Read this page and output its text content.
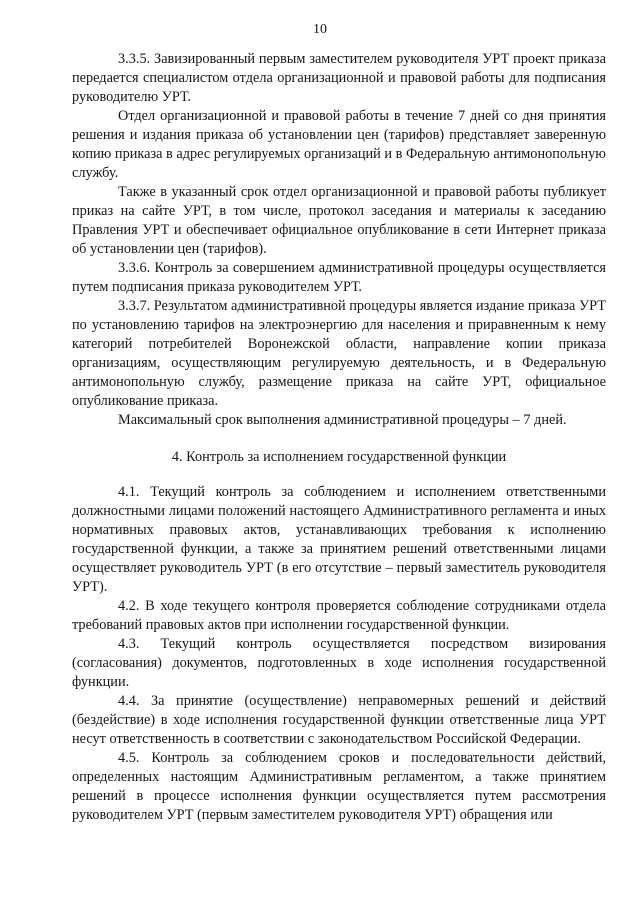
10

3.3.5. Завизированный первым заместителем руководителя УРТ проект приказа передается специалистом отдела организационной и правовой работы для подписания руководителю УРТ.

Отдел организационной и правовой работы в течение 7 дней со дня принятия решения и издания приказа об установлении цен (тарифов) представляет заверенную копию приказа в адрес регулируемых организаций и в Федеральную антимонопольную службу.

Также в указанный срок отдел организационной и правовой работы публикует приказ на сайте УРТ, в том числе, протокол заседания и материалы к заседанию Правления УРТ и обеспечивает официальное опубликование в сети Интернет приказа об установлении цен (тарифов).

3.3.6. Контроль за совершением административной процедуры осуществляется путем подписания приказа руководителем УРТ.

3.3.7. Результатом административной процедуры является издание приказа УРТ по установлению тарифов на электроэнергию для населения и приравненным к нему категорий потребителей Воронежской области, направление копии приказа организациям, осуществляющим регулируемую деятельность, и в Федеральную антимонопольную службу, размещение приказа на сайте УРТ, официальное опубликование приказа.

Максимальный срок выполнения административной процедуры – 7 дней.

4. Контроль за исполнением государственной функции

4.1. Текущий контроль за соблюдением и исполнением ответственными должностными лицами положений настоящего Административного регламента и иных нормативных правовых актов, устанавливающих требования к исполнению государственной функции, а также за принятием решений ответственными лицами осуществляет руководитель УРТ (в его отсутствие – первый заместитель руководителя УРТ).

4.2. В ходе текущего контроля проверяется соблюдение сотрудниками отдела требований правовых актов при исполнении государственной функции.

4.3. Текущий контроль осуществляется посредством визирования (согласования) документов, подготовленных в ходе исполнения государственной функции.

4.4. За принятие (осуществление) неправомерных решений и действий (бездействие) в ходе исполнения государственной функции ответственные лица УРТ несут ответственность в соответствии с законодательством Российской Федерации.

4.5. Контроль за соблюдением сроков и последовательности действий, определенных настоящим Административным регламентом, а также принятием решений в процессе исполнения функции осуществляется путем рассмотрения руководителем УРТ (первым заместителем руководителя УРТ) обращения или
